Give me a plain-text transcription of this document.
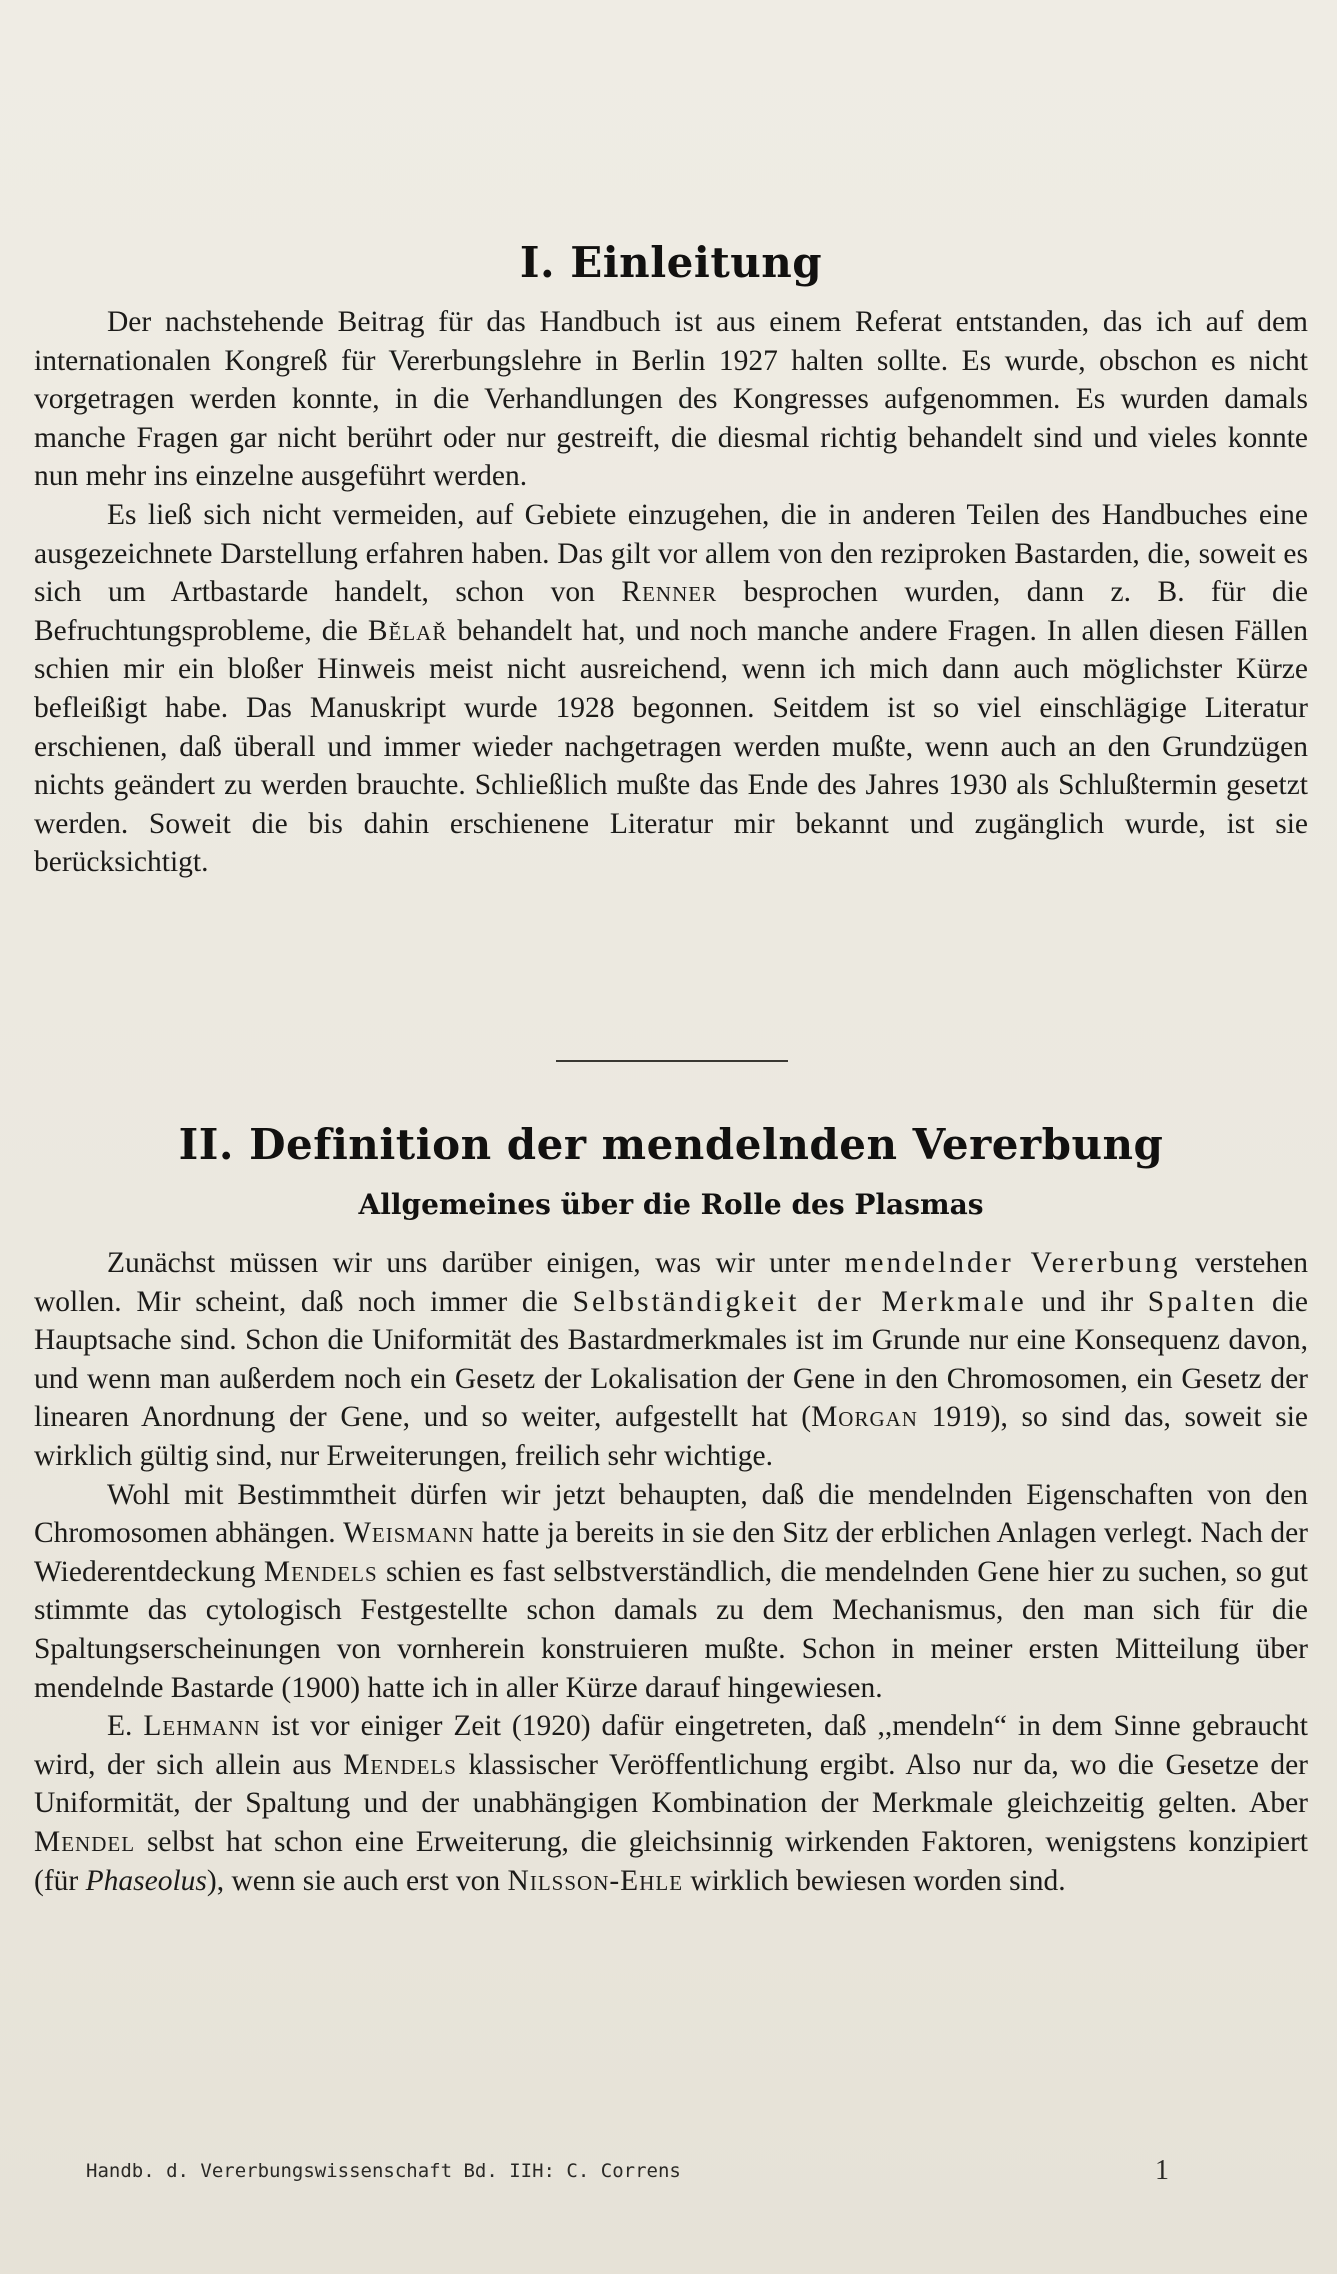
I. Einleitung

Der nachstehende Beitrag für das Handbuch ist aus einem Referat entstanden, das ich auf dem internationalen Kongreß für Vererbungslehre in Berlin 1927 halten sollte. Es wurde, obschon es nicht vorgetragen werden konnte, in die Verhandlungen des Kongresses aufgenommen. Es wurden damals manche Fragen gar nicht berührt oder nur gestreift, die diesmal richtig behandelt sind und vieles konnte nun mehr ins einzelne ausgeführt werden.

Es ließ sich nicht vermeiden, auf Gebiete einzugehen, die in anderen Teilen des Handbuches eine ausgezeichnete Darstellung erfahren haben. Das gilt vor allem von den reziproken Bastarden, die, soweit es sich um Artbastarde handelt, schon von Renner besprochen wurden, dann z. B. für die Befruchtungsprobleme, die Bělař behandelt hat, und noch manche andere Fragen. In allen diesen Fällen schien mir ein bloßer Hinweis meist nicht ausreichend, wenn ich mich dann auch möglichster Kürze befleißigt habe. Das Manuskript wurde 1928 begonnen. Seitdem ist so viel einschlägige Literatur erschienen, daß überall und immer wieder nachgetragen werden mußte, wenn auch an den Grundzügen nichts geändert zu werden brauchte. Schließlich mußte das Ende des Jahres 1930 als Schlußtermin gesetzt werden. Soweit die bis dahin erschienene Literatur mir bekannt und zugänglich wurde, ist sie berücksichtigt.

II. Definition der mendelnden Vererbung
Allgemeines über die Rolle des Plasmas

Zunächst müssen wir uns darüber einigen, was wir unter mendelnder Vererbung verstehen wollen. Mir scheint, daß noch immer die Selbständigkeit der Merkmale und ihr Spalten die Hauptsache sind. Schon die Uniformität des Bastardmerkmales ist im Grunde nur eine Konsequenz davon, und wenn man außerdem noch ein Gesetz der Lokalisation der Gene in den Chromosomen, ein Gesetz der linearen Anordnung der Gene, und so weiter, aufgestellt hat (Morgan 1919), so sind das, soweit sie wirklich gültig sind, nur Erweiterungen, freilich sehr wichtige.

Wohl mit Bestimmtheit dürfen wir jetzt behaupten, daß die mendelnden Eigenschaften von den Chromosomen abhängen. Weismann hatte ja bereits in sie den Sitz der erblichen Anlagen verlegt. Nach der Wiederentdeckung Mendels schien es fast selbstverständlich, die mendelnden Gene hier zu suchen, so gut stimmte das cytologisch Festgestellte schon damals zu dem Mechanismus, den man sich für die Spaltungserscheinungen von vornherein konstruieren mußte. Schon in meiner ersten Mitteilung über mendelnde Bastarde (1900) hatte ich in aller Kürze darauf hingewiesen.

E. Lehmann ist vor einiger Zeit (1920) dafür eingetreten, daß ,,mendeln“ in dem Sinne gebraucht wird, der sich allein aus Mendels klassischer Veröffentlichung ergibt. Also nur da, wo die Gesetze der Uniformität, der Spaltung und der unabhängigen Kombination der Merkmale gleichzeitig gelten. Aber Mendel selbst hat schon eine Erweiterung, die gleichsinnig wirkenden Faktoren, wenigstens konzipiert (für Phaseolus), wenn sie auch erst von Nilsson-Ehle wirklich bewiesen worden sind.

Handb. d. Vererbungswissenschaft Bd. IIH: C. Correns	1
